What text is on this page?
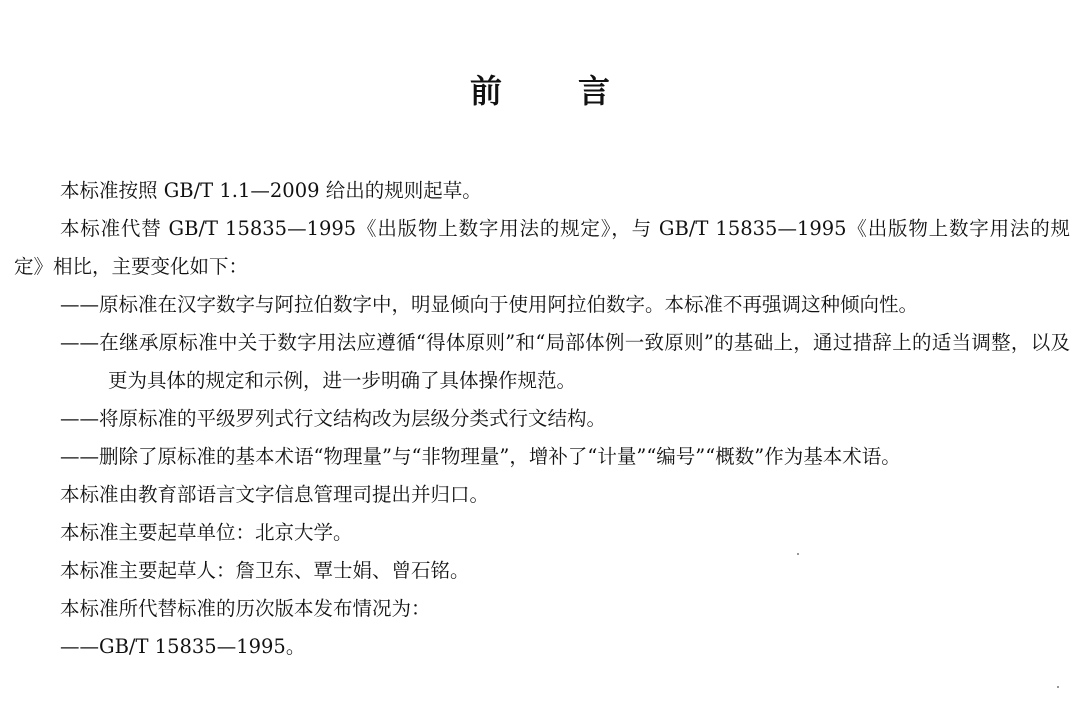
前 言

本标准按照 GB/T 1.1—2009 给出的规则起草。

本标准代替 GB/T 15835—1995《出版物上数字用法的规定》，与 GB/T 15835—1995《出版物上数字用法的规定》相比，主要变化如下：

——原标准在汉字数字与阿拉伯数字中，明显倾向于使用阿拉伯数字。本标准不再强调这种倾向性。

——在继承原标准中关于数字用法应遵循“得体原则”和“局部体例一致原则”的基础上，通过措辞上的适当调整，以及更为具体的规定和示例，进一步明确了具体操作规范。

——将原标准的平级罗列式行文结构改为层级分类式行文结构。

——删除了原标准的基本术语“物理量”与“非物理量”，增补了“计量”“编号”“概数”作为基本术语。

本标准由教育部语言文字信息管理司提出并归口。

本标准主要起草单位：北京大学。

本标准主要起草人：詹卫东、覃士娟、曾石铭。

本标准所代替标准的历次版本发布情况为：

——GB/T 15835—1995。
